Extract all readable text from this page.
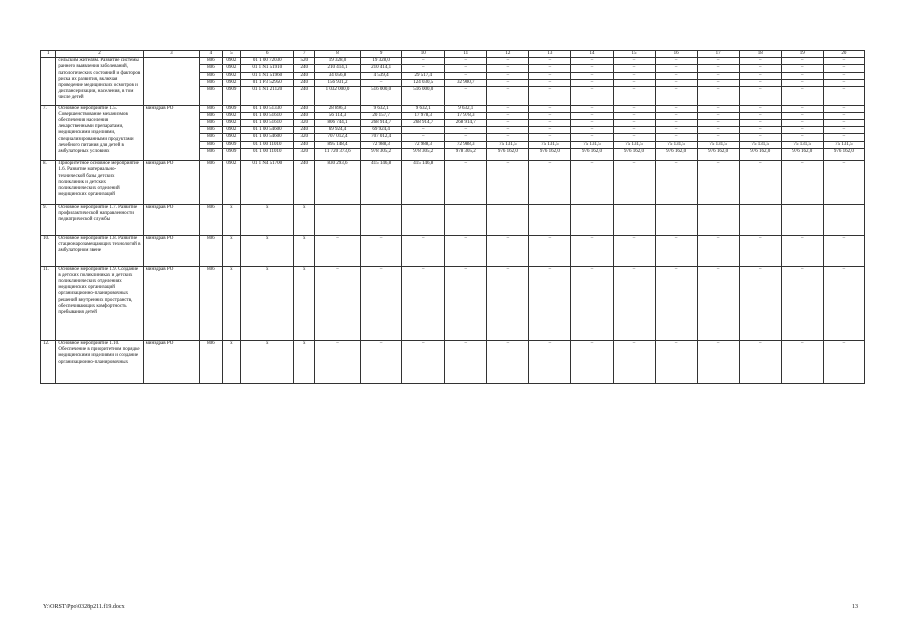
1	2	3	4	5	6	7	8	9	10	11	12	13	14	15	16	17	18	19	20
	сельским жителям. Развитие системы раннего выявления заболеваний, патологических состояний и факторов риска их развития, включая проведение медицинских осмотров и диспансеризации, населения, в том числе детей		806	0902	01 1 00 72030	520	19 328,0	19 328,0	–	–	–	–	–	–	–	–	–	–	–
			806	0902	01 1 N1 51910	240	210 414,1	210 414,1	–	–	–	–	–	–	–	–	–	–	–
			806	0902	01 1 N1 51960	240	34 056,8	4 539,4	29 517,4	–	–	–	–	–	–	–	–	–	–
			806	0902	01 1 P3 52950	240	156 931,2	–	124 030,5	32 900,7	–	–	–	–	–	–	–	–	–
			806	0909	01 1 N1 21120	240	1 032 000,0	516 000,0	516 000,0	–	–	–	–	–	–	–	–	–	–
7.	Основное мероприятие 1.5. Совершенствование механизмов обеспечения населения лекарственными препаратами, медицинскими изделиями, специализированными продуктами лечебного питания для детей в амбулаторных условиях	минздрав РО	806	0909	01 1 00 51330	240	28 896,3	9 632,1	9 632,1	9 632,1	–	–	–	–	–	–	–	–	–
			806	0902	01 1 00 51610	240	56 114,3	20 157,7	17 978,3	17 978,3	–	–	–	–	–	–	–	–	–
			806	0902	01 1 00 51610	320	806 744,1	268 914,7	268 914,7	268 914,7	–	–	–	–	–	–	–	–	–
			806	0902	01 1 00 54600	240	69 924,4	69 924,4	–	–	–	–	–	–	–	–	–	–	–
			806	0902	01 1 00 54600	320	707 012,4	707 012,4	–	–	–	–	–	–	–	–	–	–	–
			806	0909	01 1 00 11010	240	895 148,4	72 988,3	72 988,3	72 988,3	75 131,5	75 131,5	75 131,5	75 131,5	75 131,5	75 131,5	75 131,5	75 131,5	75 131,5
			806	0909	01 1 00 11010	320	11 720 373,6	978 305,2	978 305,2	978 305,2	976 162,0	976 162,0	976 162,0	976 162,0	976 162,0	976 162,0	976 162,0	976 162,0	976 162,0
8.	Приоритетное основное мероприятие 1.6. Развитие материально-технической базы детских поликлиник и детских поликлинических отделений медицинских организаций	минздрав РО	806	0902	01 1 N4 51700	240	830 293,6	415 146,8	415 146,8	–	–	–	–	–	–	–	–	–	–
9.	Основное мероприятие 1.7. Развитие профилактической направленности педиатрической службы	минздрав РО	806	х	х	х													
10.	Основное мероприятие 1.8. Развитие стационарозамещающих технологий в амбулаторном звене	минздрав РО	806	х	х	х	–	–	–	–	–	–	–	–	–	–	–	–	–
11.	Основное мероприятие 1.9. Создание в детских поликлиниках и детских поликлинических отделениях медицинских организаций организационно-планировочных решений внутренних пространств, обеспечивающих комфортность пребывания детей	минздрав РО	806	х	х	х	–	–	–	–	–	–	–	–	–	–	–	–	–
12.	Основное мероприятие 1.10. Обеспечение в приоритетном порядке медицинскими изделиями и создание организационно-планировочных	минздрав РО	806	х	х	х	–	–	–	–	–	–	–	–	–	–	–	–	–
Y:\ORST\Ppo\0328p211.f19.docx	13
